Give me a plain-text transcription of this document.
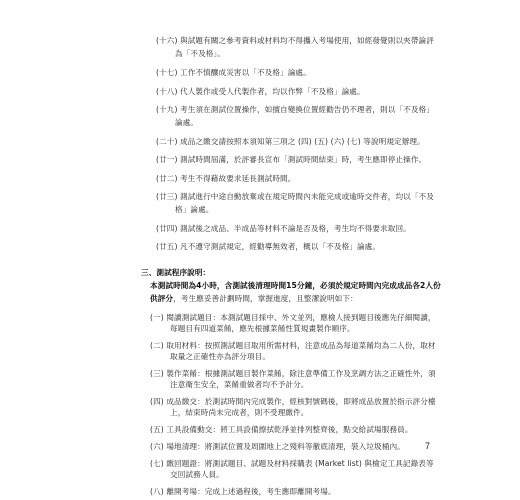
(十六) 與試題有關之參考資料或材料均不得攜入考場使用，如經發覺則以夾帶論評
為「不及格」。
(十七) 工作不慎釀成災害以「不及格」論處。
(十八) 代人製作或受人代製作者，均以作弊「不及格」論處。
(十九) 考生須在測試位置操作，如擅自變換位置經勸告仍不理者，則以「不及格」
論處。
(二十) 成品之繳交請按照本須知第三項之 (四) (五) (六) (七) 等說明規定辦理。
(廿一) 測試時間屆滿，於評審長宣布「測試時間結束」時，考生應即停止操作。
(廿二) 考生不得藉故要求延長測試時間。
(廿三) 測試進行中途自動放棄或在規定時間內未能完成或逾時交件者，均以「不及
格」論處。
(廿四) 測試後之成品、半成品等材料不論是否及格，考生均不得要求取回。
(廿五) 凡不遵守測試規定，經勸導無效者，概以「不及格」論處。
三、測試程序說明：
本測試時間為4小時，含測試後清理時間15分鐘，必須於規定時間內完成成品各2人份
供評分，考生應妥善計劃時間，掌握進度，且整潔說明如下：
(一) 閱讀測試題目：本測試題目採中、外文並列，應檢人接到題目後應先仔細閱讀，
每題目有四道菜餚，應先根據菜餚性質規畫製作順序。
(二) 取用材料：按照測試題目取用所需材料，注意成品為每道菜餚均為二人份，取材
取量之正確性亦為評分項目。
(三) 製作菜餚：根據測試題目製作菜餚，除注意準備工作及烹調方法之正確性外，須
注意衛生安全，菜餚重做者均不予計分。
(四) 成品繳交：於測試時間內完成製作，經核對號碼後，即將成品放置於指示評分檯
上，結束時尚未完成者，則不受理繳件。
(五) 工具設備動交：將工具設備擦拭乾淨並排列整齊後，點交給試場服務員。
(六) 場地清理：將測試位置及周圍地上之殘料等徹底清理，裝入垃圾桶內。
(七) 繳回題證：將測試題目、試題及材料採購表 (Market list) 與檢定工具記錄表等
交回試務人員。
(八) 離開考場：完成上述過程後，考生應即離開考場。
7
